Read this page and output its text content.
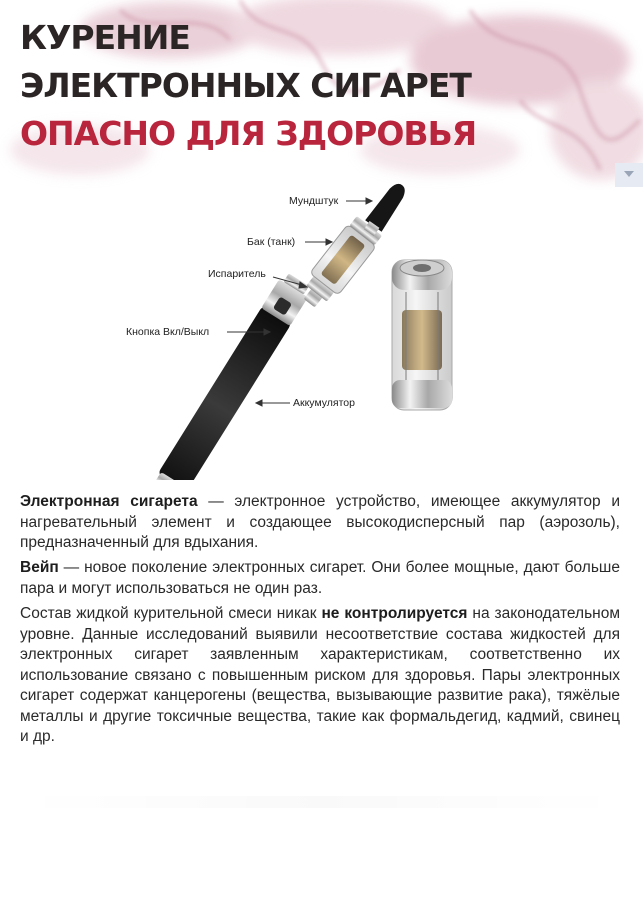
КУРЕНИЕ
ЭЛЕКТРОННЫХ СИГАРЕТ
ОПАСНО ДЛЯ ЗДОРОВЬЯ
Мундштук
Бак (танк)
Испаритель
Кнопка Вкл/Выкл
Аккумулятор

Электронная сигарета — электронное устройство, имеющее аккумулятор и нагревательный элемент и создающее высокодисперсный пар (аэрозоль), предназначенный для вдыхания.

Вейп — новое поколение электронных сигарет. Они более мощные, дают больше пара и могут использоваться не один раз.

Состав жидкой курительной смеси никак не контролируется на законодательном уровне. Данные исследований выявили несоответствие состава жидкостей для электронных сигарет заявленным характеристикам, соответственно их использование связано с повышенным риском для здоровья. Пары электронных сигарет содержат канцерогены (вещества, вызывающие развитие рака), тяжёлые металлы и другие токсичные вещества, такие как формальдегид, кадмий, свинец и др.
